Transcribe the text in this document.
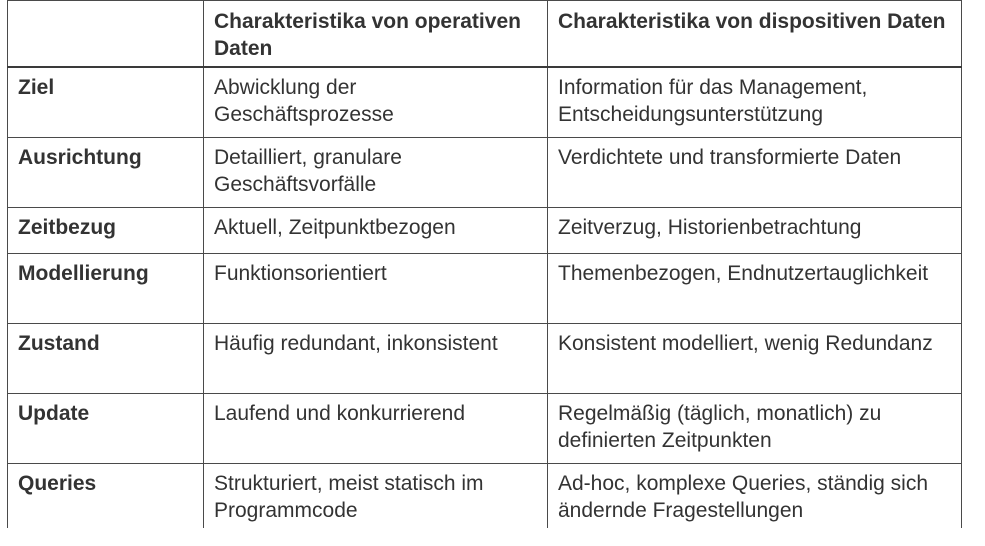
	Charakteristika von operativen Daten	Charakteristika von dispositiven Daten
Ziel	Abwicklung der Geschäftsprozesse	Information für das Management, Entscheidungsunterstützung
Ausrichtung	Detailliert, granulare Geschäftsvorfälle	Verdichtete und transformierte Daten
Zeitbezug	Aktuell, Zeitpunktbezogen	Zeitverzug, Historienbetrachtung
Modellierung	Funktionsorientiert	Themenbezogen, Endnutzertauglichkeit
Zustand	Häufig redundant, inkonsistent	Konsistent modelliert, wenig Redundanz
Update	Laufend und konkurrierend	Regelmäßig (täglich, monatlich) zu definierten Zeitpunkten
Queries	Strukturiert, meist statisch im Programmcode	Ad-hoc, komplexe Queries, ständig sich ändernde Fragestellungen
